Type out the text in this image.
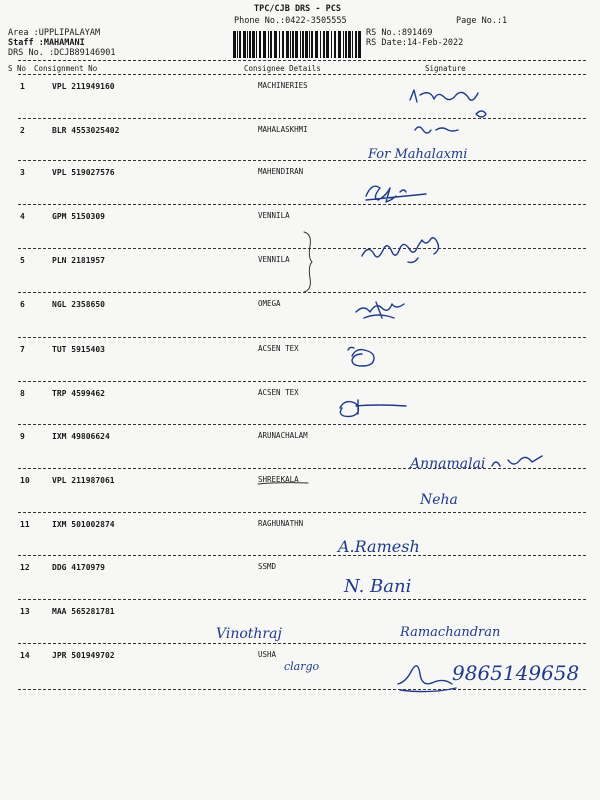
TPC/CJB DRS - PCS
Phone No.:0422-3505555	Page No.:1
Area :UPPLIPALAYAM
Staff :MAHAMANI
DRS No. :DCJB89146901
RS No.:891469
RS Date:14-Feb-2022
S No Consignment No	Consignee Details	Signature
1	VPL 211949160	MACHINERIES
2	BLR 4553025402	MAHALASKHMI
3	VPL 519027576	MAHENDIRAN
4	GPM 5150309	VENNILA
5	PLN 2181957	VENNILA
6	NGL 2358650	OMEGA
7	TUT 5915403	ACSEN TEX
8	TRP 4599462	ACSEN TEX
9	IXM 49806624	ARUNACHALAM
10	VPL 211987061	SHREEKALA
11	IXM 501002874	RAGHUNATHN
12	DDG 4170979	SSMD
13	MAA 565281781
14	JPR 501949702	USHA
For Mahalaxmi
Annamalai
Neha
A.Ramesh
N. Bani
Vinothraj	Ramachandran
clargo	9865149658
